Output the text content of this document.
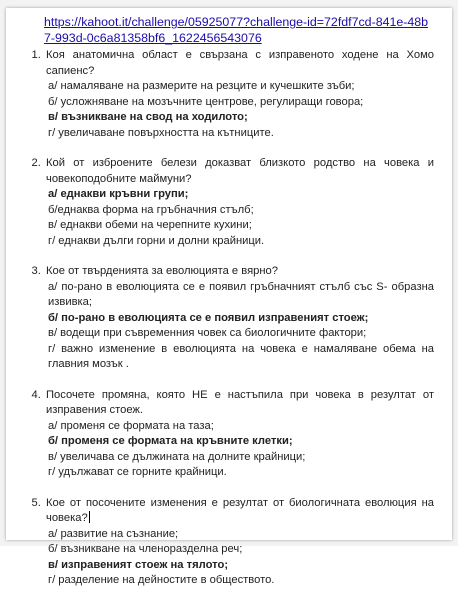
https://kahoot.it/challenge/05925077?challenge-id=72fdf7cd-841e-48b7-993d-0c6a81358bf6_1622456543076
1. Коя анатомична област е свързана с изправеното ходене на Хомо сапиенс?
а/ намаляване на размерите на резците и кучешките зъби;
б/ усложняване на мозъчните центрове, регулиращи говора;
в/ възникване на свод на ходилото;
г/ увеличаване повърхността на кътниците.
2. Кой от изброените белези доказват близкото родство на човека и човекоподобните маймуни?
а/ еднакви кръвни групи;
б/еднаква форма на гръбначния стълб;
в/ еднакви обеми на черепните кухини;
г/ еднакви дълги горни и долни крайници.
3. Кое от твърденията за еволюцията е вярно?
а/ по-рано в еволюцията се е появил гръбначният стълб със S- образна извивка;
б/ по-рано в еволюцията се е появил изправеният стоеж;
в/ водещи при съвременния човек са биологичните фактори;
г/ важно изменение в еволюцията на човека е намаляване обема на главния мозък .
4. Посочете промяна, която НЕ е настъпила при човека в резултат от изправения стоеж.
а/ променя се формата на таза;
б/ променя се формата на кръвните клетки;
в/ увеличава се дължината на долните крайници;
г/ удължават се горните крайници.
5. Кое от посочените изменения е резултат от биологичната еволюция на човека?
а/ развитие на съзнание;
б/ възникване на членоразделна реч;
в/ изправеният стоеж на тялото;
г/ разделение на дейностите в обществото.
